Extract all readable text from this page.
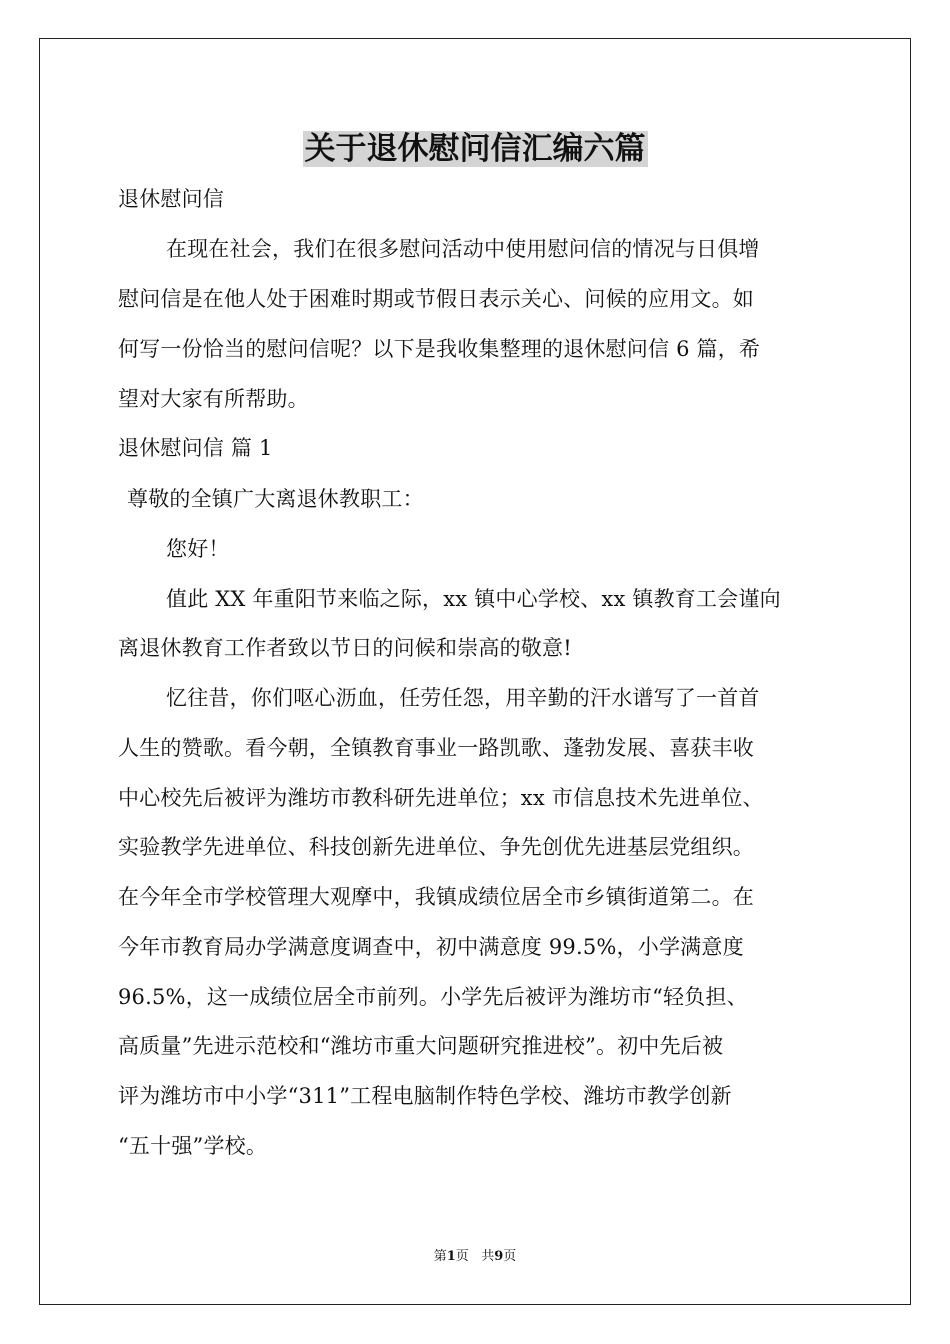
关于退休慰问信汇编六篇
退休慰问信
在现在社会，我们在很多慰问活动中使用慰问信的情况与日俱增
慰问信是在他人处于困难时期或节假日表示关心、问候的应用文。如
何写一份恰当的慰问信呢？以下是我收集整理的退休慰问信 6 篇，希
望对大家有所帮助。
退休慰问信 篇 1
尊敬的全镇广大离退休教职工：
您好！
值此 XX 年重阳节来临之际，xx 镇中心学校、xx 镇教育工会谨向
离退休教育工作者致以节日的问候和崇高的敬意!
忆往昔，你们呕心沥血，任劳任怨，用辛勤的汗水谱写了一首首
人生的赞歌。看今朝，全镇教育事业一路凯歌、蓬勃发展、喜获丰收
中心校先后被评为潍坊市教科研先进单位；xx 市信息技术先进单位、
实验教学先进单位、科技创新先进单位、争先创优先进基层党组织。
在今年全市学校管理大观摩中，我镇成绩位居全市乡镇街道第二。在
今年市教育局办学满意度调查中，初中满意度 99.5%，小学满意度
96.5%，这一成绩位居全市前列。小学先后被评为潍坊市“轻负担、
高质量”先进示范校和“潍坊市重大问题研究推进校”。初中先后被
评为潍坊市中小学“311”工程电脑制作特色学校、潍坊市教学创新
“五十强”学校。
第1页   共9页
